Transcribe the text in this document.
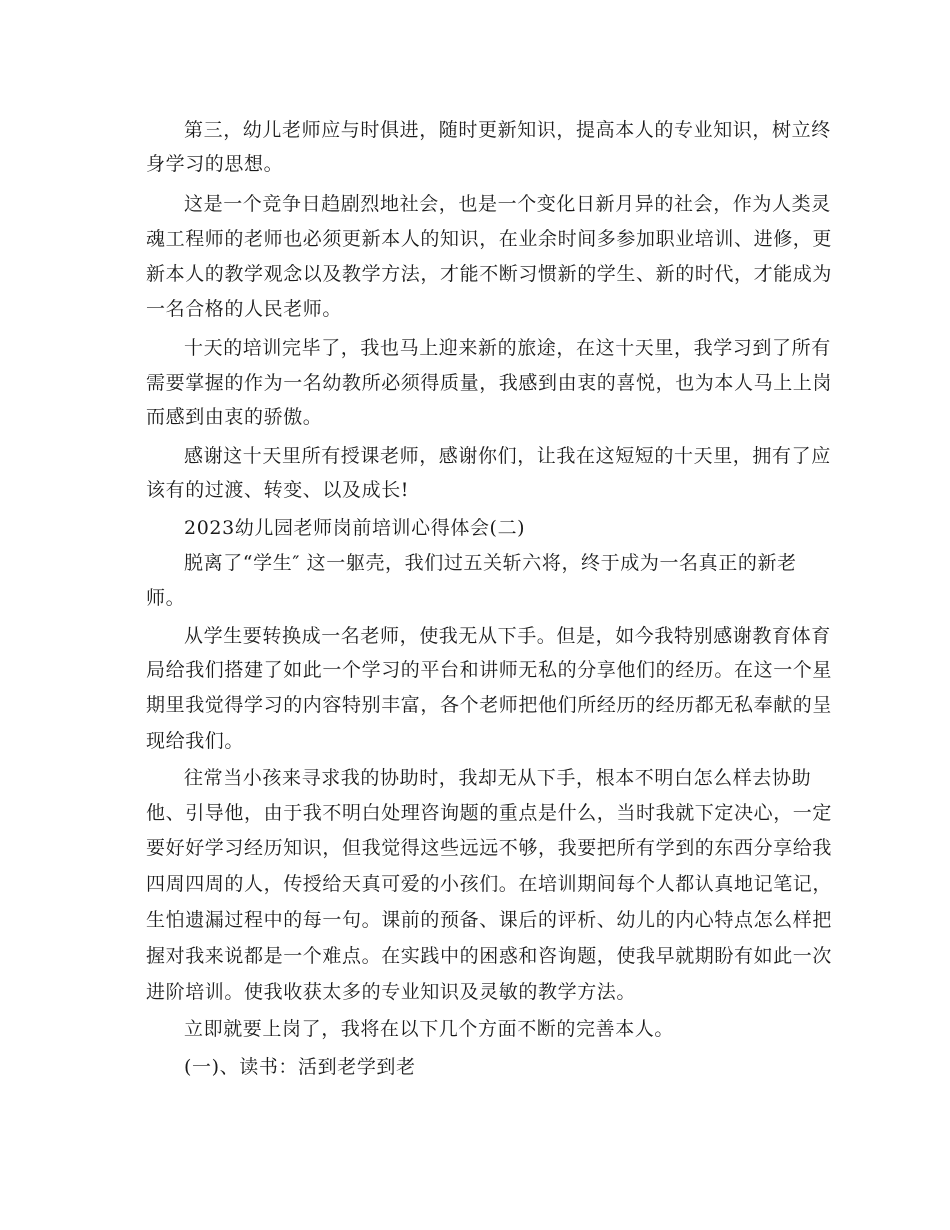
第三，幼儿老师应与时俱进，随时更新知识，提高本人的专业知识，树立终
身学习的思想。
这是一个竞争日趋剧烈地社会，也是一个变化日新月异的社会，作为人类灵
魂工程师的老师也必须更新本人的知识，在业余时间多参加职业培训、进修，更
新本人的教学观念以及教学方法，才能不断习惯新的学生、新的时代，才能成为
一名合格的人民老师。
十天的培训完毕了，我也马上迎来新的旅途，在这十天里，我学习到了所有
需要掌握的作为一名幼教所必须得质量，我感到由衷的喜悦，也为本人马上上岗
而感到由衷的骄傲。
感谢这十天里所有授课老师，感谢你们，让我在这短短的十天里，拥有了应
该有的过渡、转变、以及成长!
2023幼儿园老师岗前培训心得体会(二)
脱离了“学生″ 这一躯壳，我们过五关斩六将，终于成为一名真正的新老
师。
从学生要转换成一名老师，使我无从下手。但是，如今我特别感谢教育体育
局给我们搭建了如此一个学习的平台和讲师无私的分享他们的经历。在这一个星
期里我觉得学习的内容特别丰富，各个老师把他们所经历的经历都无私奉献的呈
现给我们。
往常当小孩来寻求我的协助时，我却无从下手，根本不明白怎么样去协助
他、引导他，由于我不明白处理咨询题的重点是什么，当时我就下定决心，一定
要好好学习经历知识，但我觉得这些远远不够，我要把所有学到的东西分享给我
四周四周的人，传授给天真可爱的小孩们。在培训期间每个人都认真地记笔记，
生怕遗漏过程中的每一句。课前的预备、课后的评析、幼儿的内心特点怎么样把
握对我来说都是一个难点。在实践中的困惑和咨询题，使我早就期盼有如此一次
进阶培训。使我收获太多的专业知识及灵敏的教学方法。
立即就要上岗了，我将在以下几个方面不断的完善本人。
(一)、读书：活到老学到老
